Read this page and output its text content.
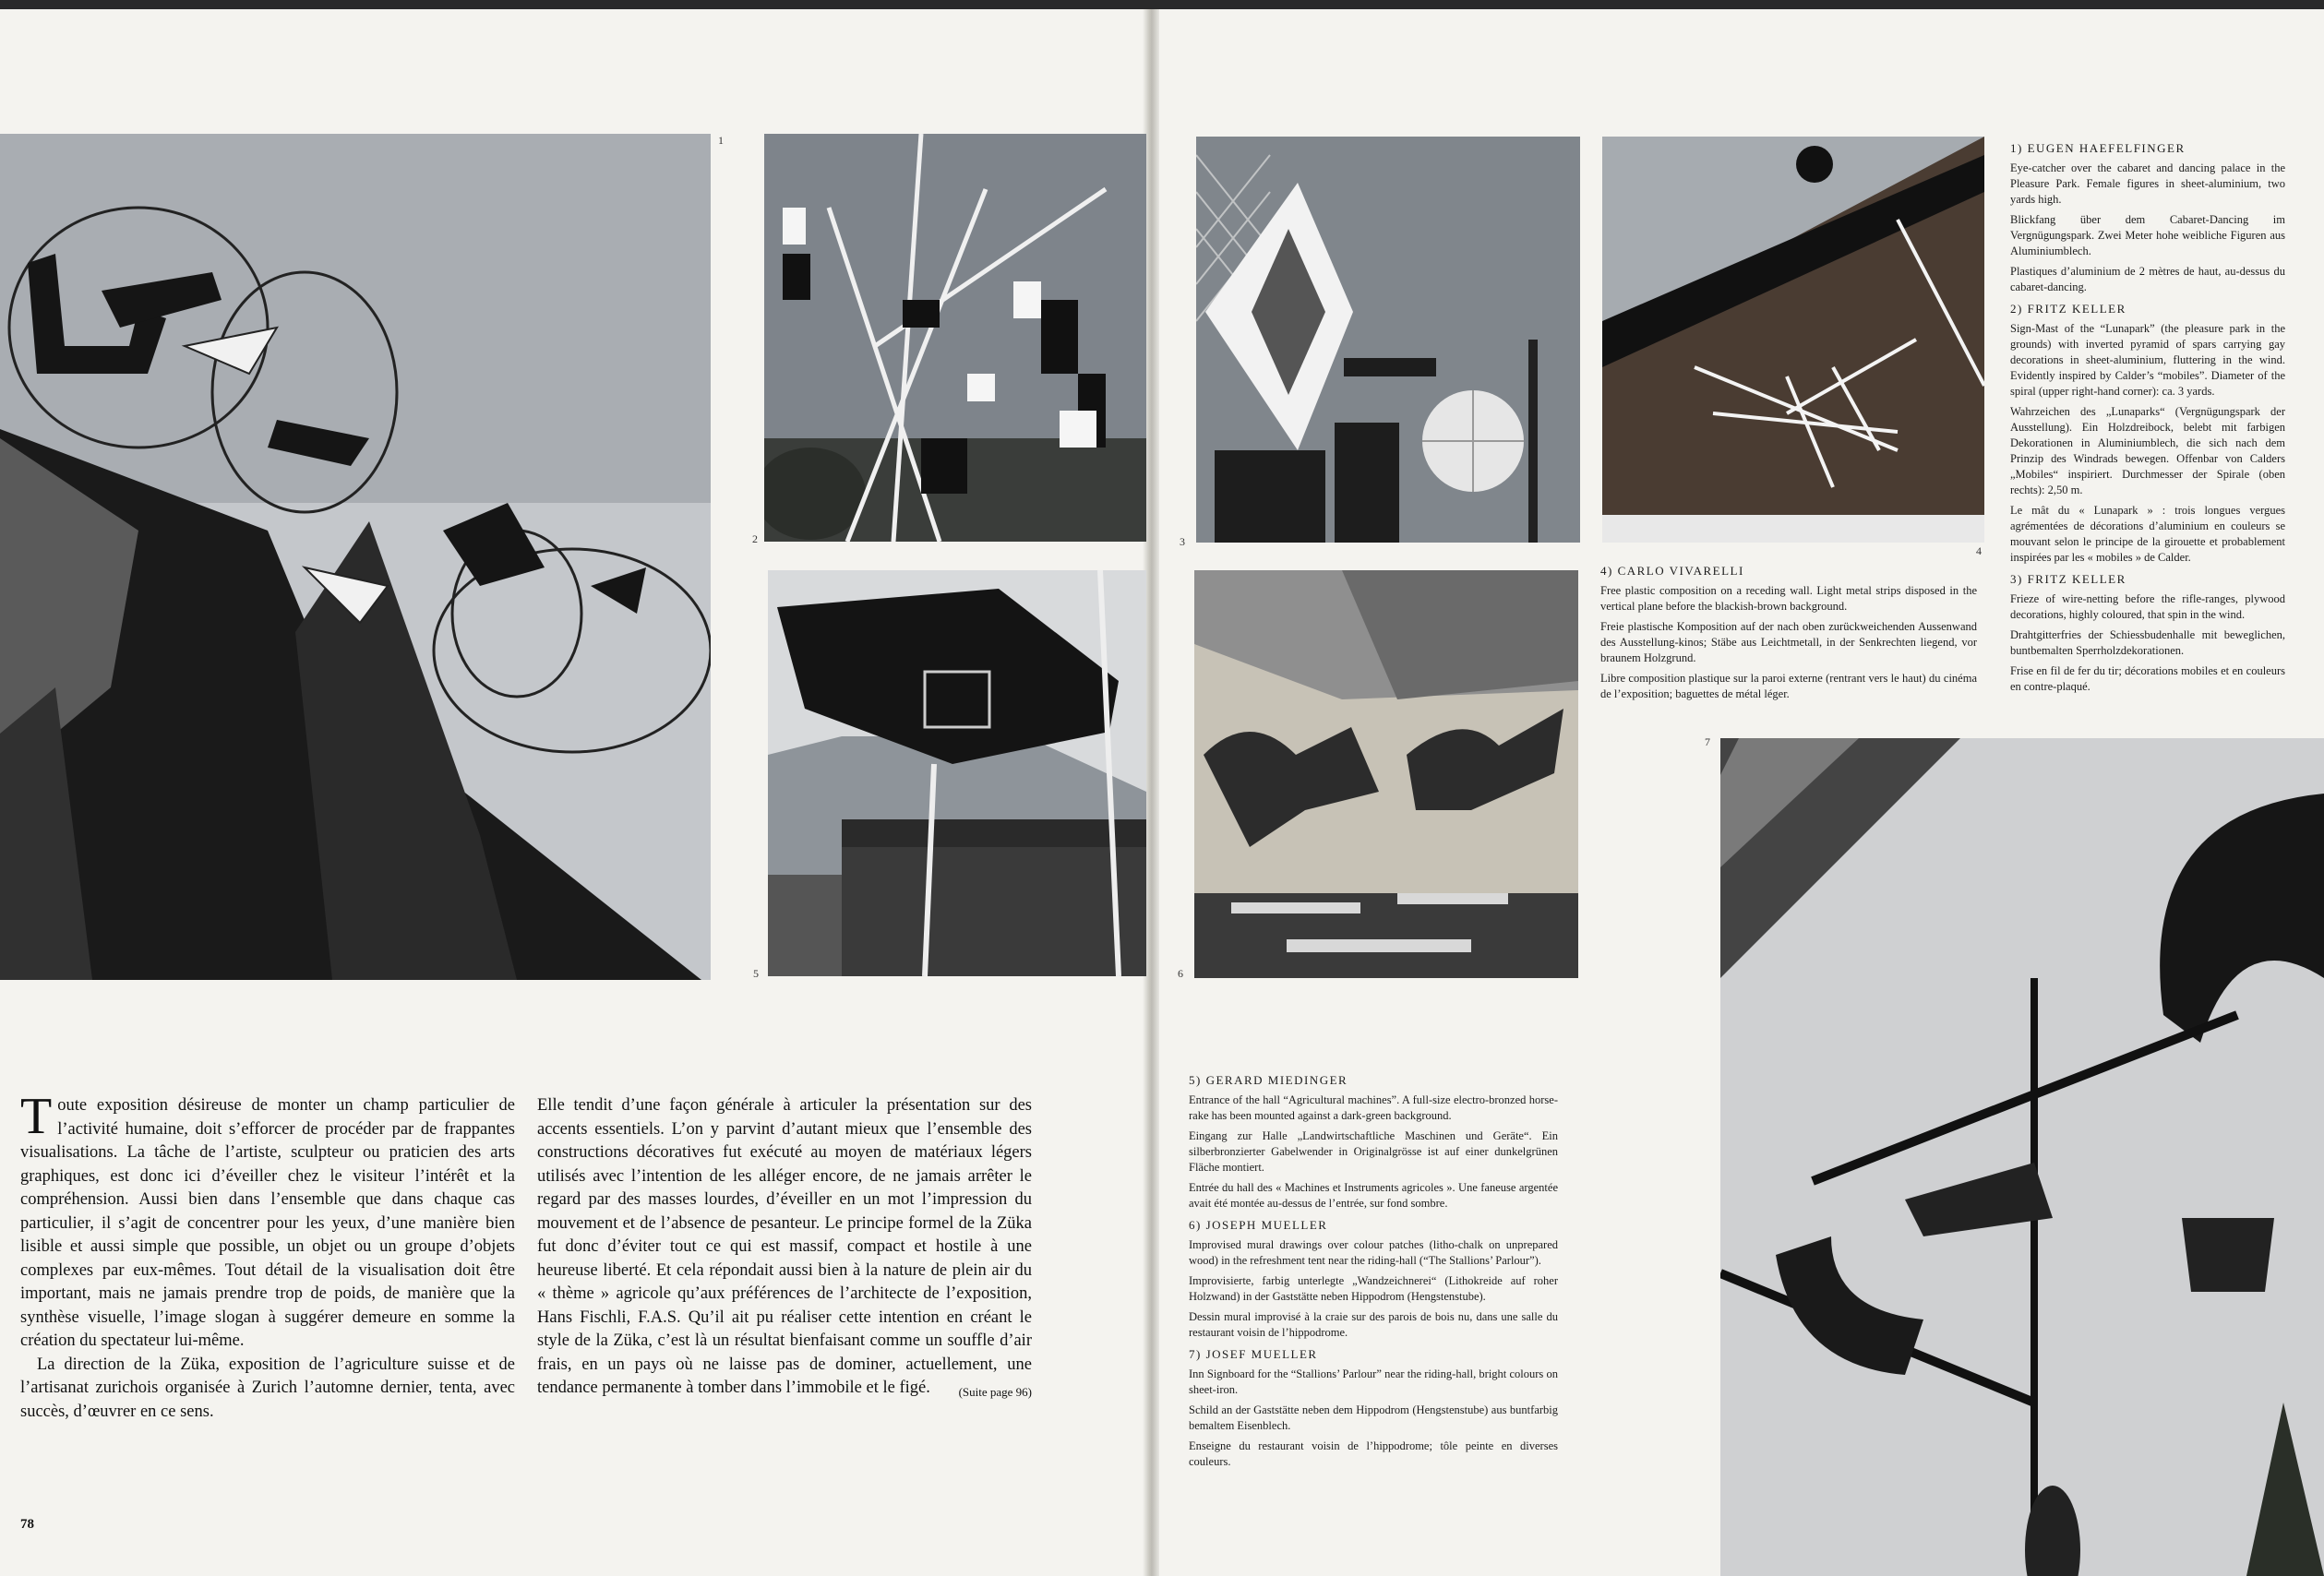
1
2	3
4
5	6
7
1) EUGEN HAEFELFINGER

Eye-catcher over the cabaret and dancing palace in the Pleasure Park. Female figures in sheet-aluminium, two yards high.

Blickfang über dem Cabaret-Dancing im Vergnügungspark. Zwei Meter hohe weibliche Figuren aus Aluminiumblech.

Plastiques d’aluminium de 2 mètres de haut, au-dessus du cabaret-dancing.

2) FRITZ KELLER

Sign-Mast of the “Lunapark” (the pleasure park in the grounds) with inverted pyramid of spars carrying gay decorations in sheet-aluminium, fluttering in the wind. Evidently inspired by Calder’s “mobiles”. Diameter of the spiral (upper right-hand corner): ca. 3 yards.

Wahrzeichen des „Lunaparks“ (Vergnügungspark der Ausstellung). Ein Holzdreibock, belebt mit farbigen Dekorationen in Aluminiumblech, die sich nach dem Prinzip des Windrads bewegen. Offenbar von Calders „Mobiles“ inspiriert. Durchmesser der Spirale (oben rechts): 2,50 m.

Le mât du « Lunapark » : trois longues vergues agrémentées de décorations d’aluminium en couleurs se mouvant selon le principe de la girouette et probablement inspirées par les « mobiles » de Calder.

3) FRITZ KELLER

Frieze of wire-netting before the rifle-ranges, plywood decorations, highly coloured, that spin in the wind.

Drahtgitterfries der Schiessbudenhalle mit beweglichen, buntbemalten Sperrholzdekorationen.

Frise en fil de fer du tir; décorations mobiles et en couleurs en contre-plaqué.

4) CARLO VIVARELLI

Free plastic composition on a receding wall. Light metal strips disposed in the vertical plane before the blackish-brown background.

Freie plastische Komposition auf der nach oben zurückweichenden Aussenwand des Ausstellung-kinos; Stäbe aus Leichtmetall, in der Senkrechten liegend, vor braunem Holzgrund.

Libre composition plastique sur la paroi externe (rentrant vers le haut) du cinéma de l’exposition; baguettes de métal léger.

5) GERARD MIEDINGER

Entrance of the hall “Agricultural machines”. A full-size electro-bronzed horse-rake has been mounted against a dark-green background.

Eingang zur Halle „Landwirtschaftliche Maschinen und Geräte“. Ein silberbronzierter Gabelwender in Originalgrösse ist auf einer dunkelgrünen Fläche montiert.

Entrée du hall des « Machines et Instruments agricoles ». Une faneuse argentée avait été montée au-dessus de l’entrée, sur fond sombre.

6) JOSEPH MUELLER

Improvised mural drawings over colour patches (litho-chalk on unprepared wood) in the refreshment tent near the riding-hall (“The Stallions’ Parlour”).

Improvisierte, farbig unterlegte „Wandzeichnerei“ (Lithokreide auf roher Holzwand) in der Gaststätte neben Hippodrom (Hengstenstube).

Dessin mural improvisé à la craie sur des parois de bois nu, dans une salle du restaurant voisin de l’hippodrome.

7) JOSEF MUELLER

Inn Signboard for the “Stallions’ Parlour” near the riding-hall, bright colours on sheet-iron.

Schild an der Gaststätte neben dem Hippodrom (Hengstenstube) aus buntfarbig bemaltem Eisenblech.

Enseigne du restaurant voisin de l’hippodrome; tôle peinte en diverses couleurs.

Toute exposition désireuse de monter un champ particulier de l’activité humaine, doit s’efforcer de procéder par de frappantes visualisations. La tâche de l’artiste, sculpteur ou praticien des arts graphiques, est donc ici d’éveiller chez le visiteur l’intérêt et la compréhension. Aussi bien dans l’ensemble que dans chaque cas particulier, il s’agit de concentrer pour les yeux, d’une manière bien lisible et aussi simple que possible, un objet ou un groupe d’objets complexes par eux-mêmes. Tout détail de la visualisation doit être important, mais ne jamais prendre trop de poids, de manière que la synthèse visuelle, l’image slogan à suggérer demeure en somme la création du spectateur lui-même.

La direction de la Züka, exposition de l’agriculture suisse et de l’artisanat zurichois organisée à Zurich l’automne dernier, tenta, avec succès, d’œuvrer en ce sens.

Elle tendit d’une façon générale à articuler la présentation sur des accents essentiels. L’on y parvint d’autant mieux que l’ensemble des constructions décoratives fut exécuté au moyen de matériaux légers utilisés avec l’intention de les alléger encore, de ne jamais arrêter le regard par des masses lourdes, d’éveiller en un mot l’impression du mouvement et de l’absence de pesanteur. Le principe formel de la Züka fut donc d’éviter tout ce qui est massif, compact et hostile à une heureuse liberté. Et cela répondait aussi bien à la nature de plein air du « thème » agricole qu’aux préférences de l’architecte de l’exposition, Hans Fischli, F.A.S. Qu’il ait pu réaliser cette intention en créant le style de la Züka, c’est là un résultat bienfaisant comme un souffle d’air frais, en un pays où ne laisse pas de dominer, actuellement, une tendance permanente à tomber dans l’immobile et le figé. (Suite page 96)

78
